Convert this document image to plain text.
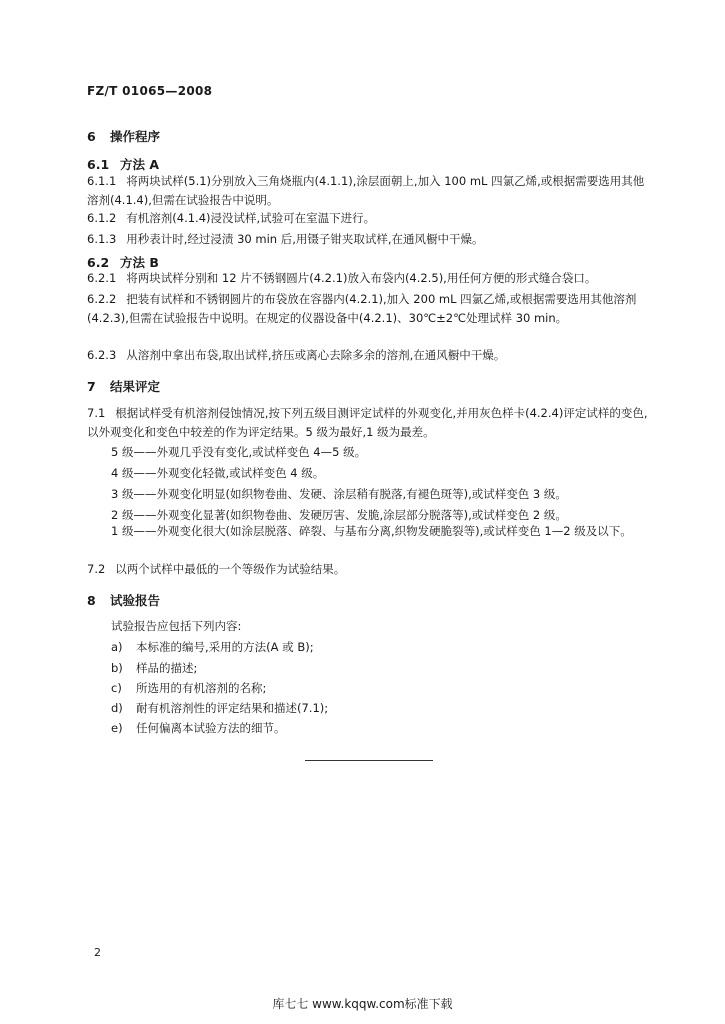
FZ/T 01065—2008
6 操作程序
6.1 方法 A
6.1.1 将两块试样(5.1)分别放入三角烧瓶内(4.1.1),涂层面朝上,加入 100 mL 四氯乙烯,或根据需要选用其他溶剂(4.1.4),但需在试验报告中说明。
6.1.2 有机溶剂(4.1.4)浸没试样,试验可在室温下进行。
6.1.3 用秒表计时,经过浸渍 30 min 后,用镊子钳夹取试样,在通风橱中干燥。
6.2 方法 B
6.2.1 将两块试样分别和 12 片不锈钢圆片(4.2.1)放入布袋内(4.2.5),用任何方便的形式缝合袋口。
6.2.2 把装有试样和不锈钢圆片的布袋放在容器内(4.2.1),加入 200 mL 四氯乙烯,或根据需要选用其他溶剂(4.2.3),但需在试验报告中说明。在规定的仪器设备中(4.2.1)、30℃±2℃处理试样 30 min。
6.2.3 从溶剂中拿出布袋,取出试样,挤压或离心去除多余的溶剂,在通风橱中干燥。
7 结果评定
7.1 根据试样受有机溶剂侵蚀情况,按下列五级目测评定试样的外观变化,并用灰色样卡(4.2.4)评定试样的变色,以外观变化和变色中较差的作为评定结果。5 级为最好,1 级为最差。
5 级——外观几乎没有变化,或试样变色 4—5 级。
4 级——外观变化轻微,或试样变色 4 级。
3 级——外观变化明显(如织物卷曲、发硬、涂层稍有脱落,有褪色斑等),或试样变色 3 级。
2 级——外观变化显著(如织物卷曲、发硬厉害、发脆,涂层部分脱落等),或试样变色 2 级。
1 级——外观变化很大(如涂层脱落、碎裂、与基布分离,织物发硬脆裂等),或试样变色 1—2 级及以下。
7.2 以两个试样中最低的一个等级作为试验结果。
8 试验报告
试验报告应包括下列内容:
a) 本标准的编号,采用的方法(A 或 B);
b) 样品的描述;
c) 所选用的有机溶剂的名称;
d) 耐有机溶剂性的评定结果和描述(7.1);
e) 任何偏离本试验方法的细节。
2
库七七 www.kqqw.com标准下载
